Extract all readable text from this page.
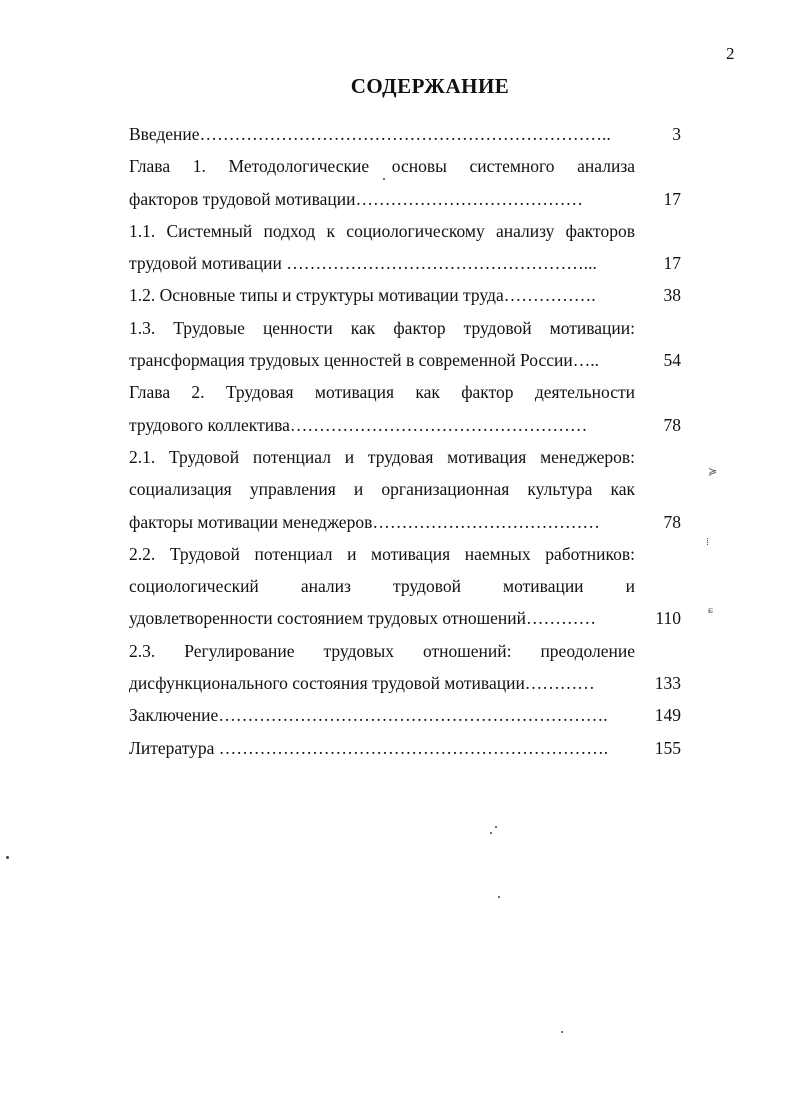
2
СОДЕРЖАНИЕ
Введение……………………………………………………………..	3
Глава 1. Методологические основы системного анализа
факторов трудовой мотивации…………………………………	17
1.1. Системный подход к социологическому анализу факторов
трудовой мотивации ……………………………………………...	17
1.2. Основные типы и структуры мотивации труда…………….	38
1.3. Трудовые ценности как фактор трудовой мотивации:
трансформация трудовых ценностей в современной России…..	54
Глава 2. Трудовая мотивация как фактор деятельности
трудового коллектива……………………………………………	78
2.1. Трудовой потенциал и трудовая мотивация менеджеров:
социализация управления и организационная культура как
факторы мотивации менеджеров…………………………………	78
2.2. Трудовой потенциал и мотивация наемных работников:
социологический анализ трудовой мотивации и
удовлетворенности состоянием трудовых отношений…………	110
2.3. Регулирование трудовых отношений: преодоление
дисфункционального состояния трудовой мотивации…………	133
Заключение………………………………………………………….	149
Литература ………………………………………………………….	155
≽
⁞
ɕ
